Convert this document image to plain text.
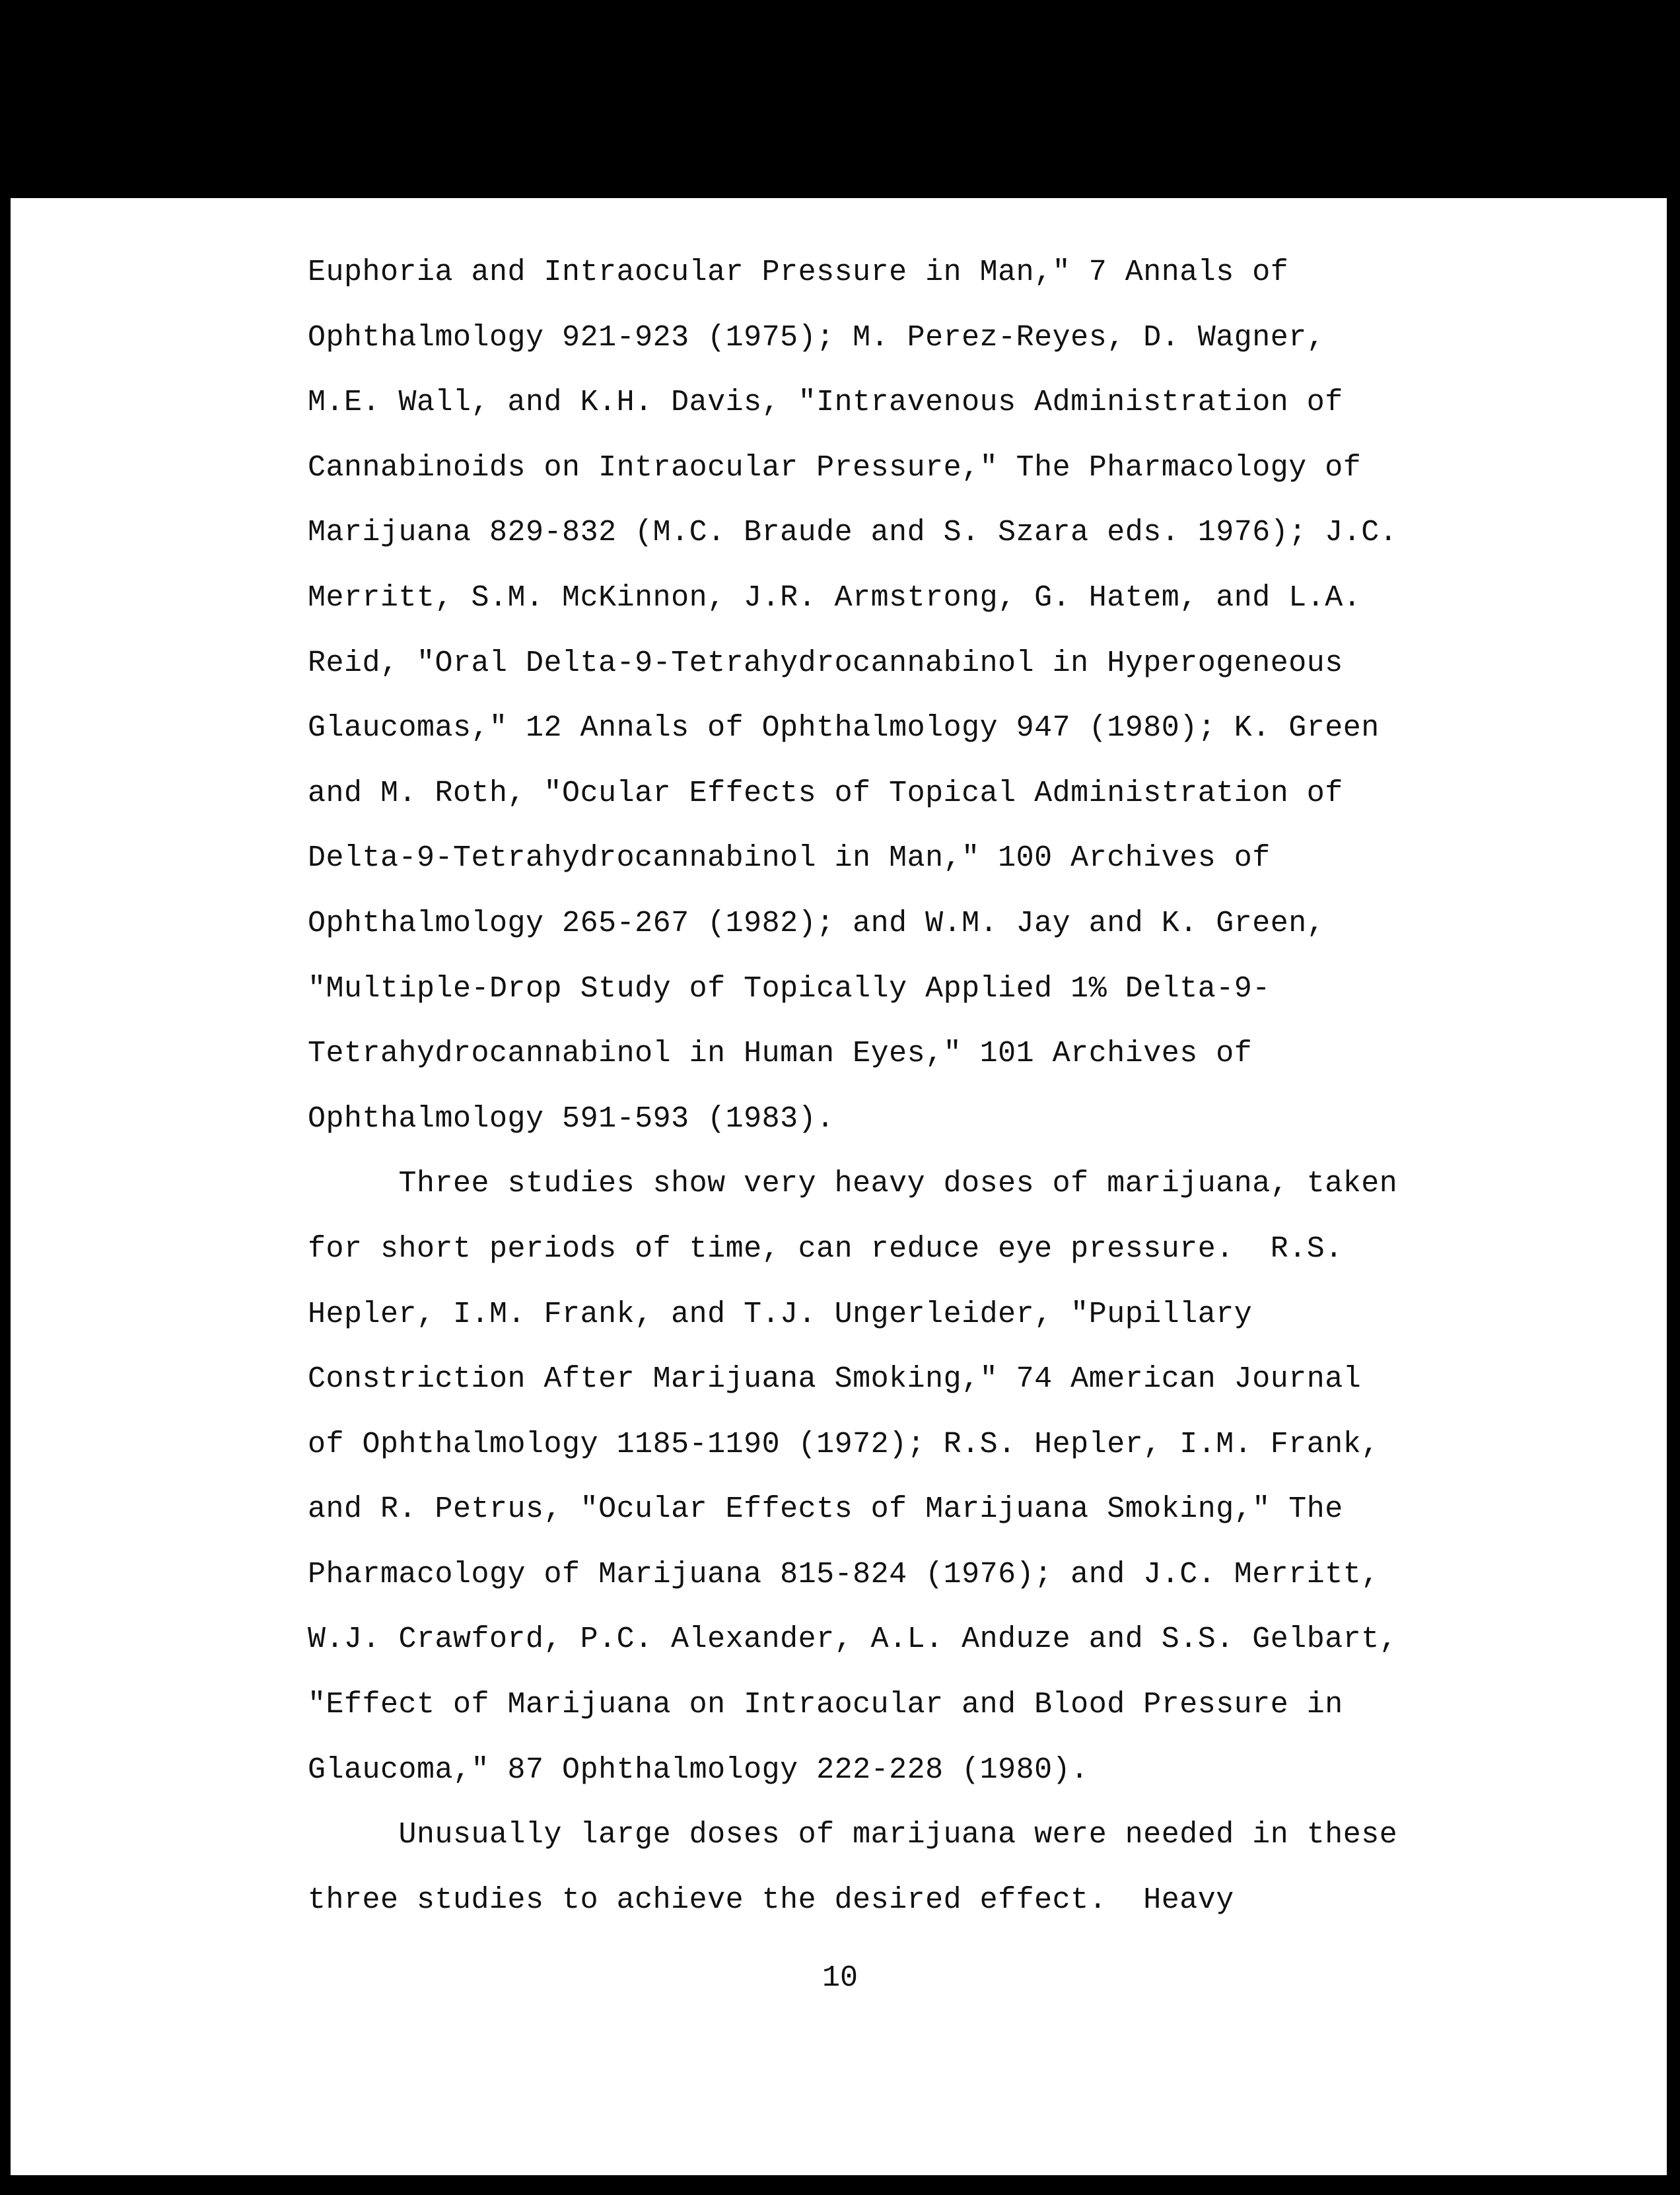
Euphoria and Intraocular Pressure in Man," 7 Annals of
Ophthalmology 921-923 (1975); M. Perez-Reyes, D. Wagner,
M.E. Wall, and K.H. Davis, "Intravenous Administration of
Cannabinoids on Intraocular Pressure," The Pharmacology of
Marijuana 829-832 (M.C. Braude and S. Szara eds. 1976); J.C.
Merritt, S.M. McKinnon, J.R. Armstrong, G. Hatem, and L.A.
Reid, "Oral Delta-9-Tetrahydrocannabinol in Hyperogeneous
Glaucomas," 12 Annals of Ophthalmology 947 (1980); K. Green
and M. Roth, "Ocular Effects of Topical Administration of
Delta-9-Tetrahydrocannabinol in Man," 100 Archives of
Ophthalmology 265-267 (1982); and W.M. Jay and K. Green,
"Multiple-Drop Study of Topically Applied 1% Delta-9-
Tetrahydrocannabinol in Human Eyes," 101 Archives of
Ophthalmology 591-593 (1983).
Three studies show very heavy doses of marijuana, taken
for short periods of time, can reduce eye pressure.  R.S.
Hepler, I.M. Frank, and T.J. Ungerleider, "Pupillary
Constriction After Marijuana Smoking," 74 American Journal
of Ophthalmology 1185-1190 (1972); R.S. Hepler, I.M. Frank,
and R. Petrus, "Ocular Effects of Marijuana Smoking," The
Pharmacology of Marijuana 815-824 (1976); and J.C. Merritt,
W.J. Crawford, P.C. Alexander, A.L. Anduze and S.S. Gelbart,
"Effect of Marijuana on Intraocular and Blood Pressure in
Glaucoma," 87 Ophthalmology 222-228 (1980).
Unusually large doses of marijuana were needed in these
three studies to achieve the desired effect.  Heavy
10
